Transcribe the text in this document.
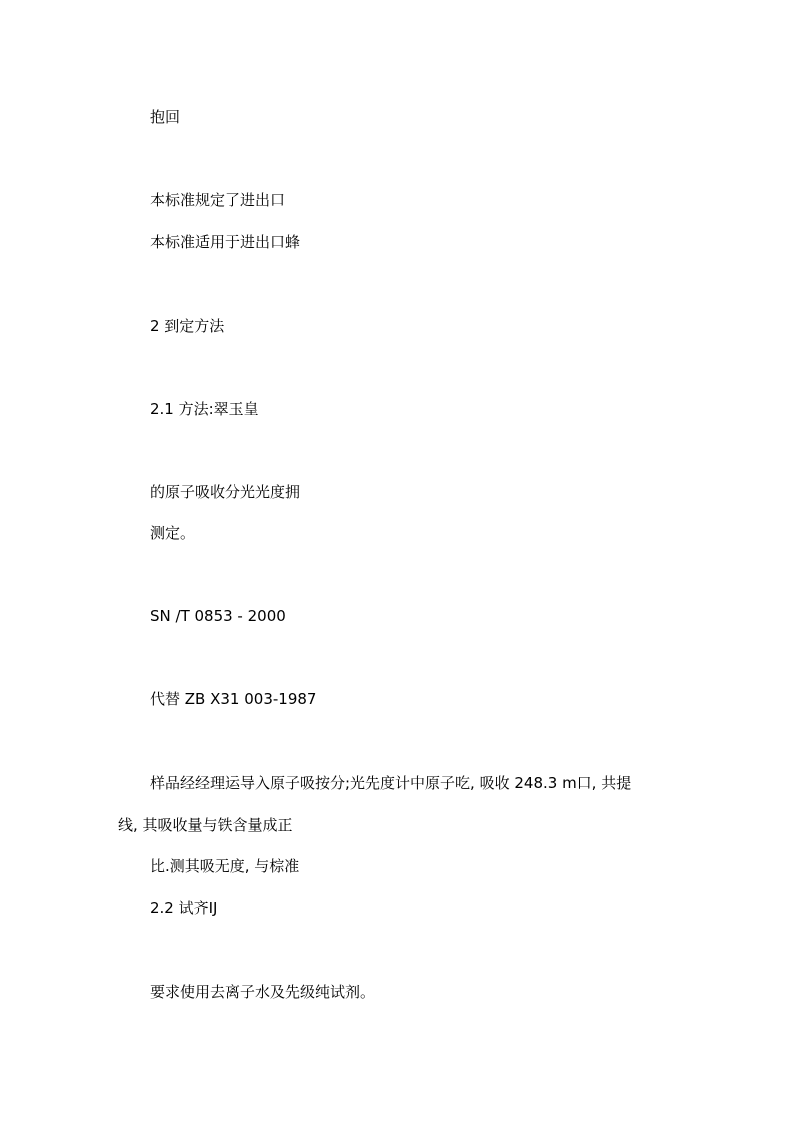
抱回
本标准规定了进出口
本标准适用于进出口蜂
2 到定方法
2.1 方法:翠玉皇
的原子吸收分光光度拥
测定。
SN /T 0853 - 2000
代替 ZB X31 003-1987
样品经经理运导入原子吸按分;光先度计中原子吃, 吸收 248.3 m口, 共提
线, 其吸收量与铁含量成正
比.测其吸无度, 与棕准
2.2 试齐IJ
要求使用去离子水及先级纯试剂。
